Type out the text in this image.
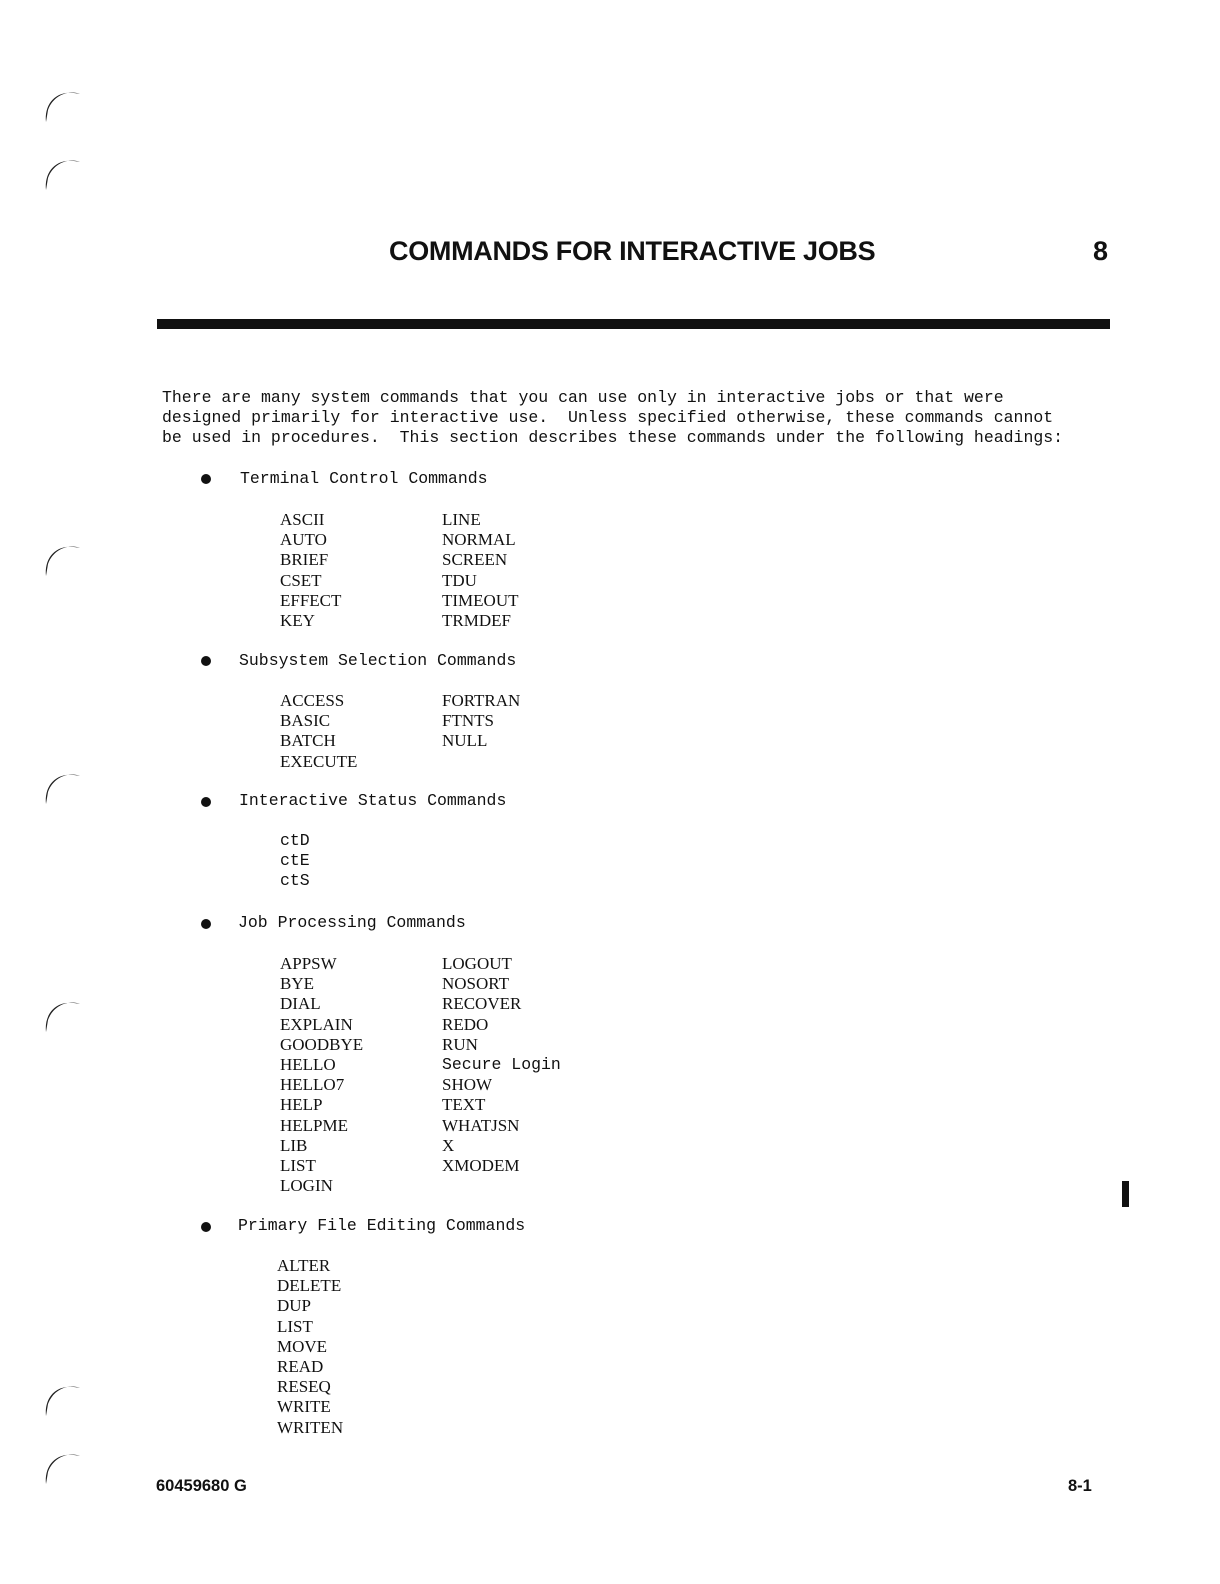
COMMANDS FOR INTERACTIVE JOBS	8
There are many system commands that you can use only in interactive jobs or that were
designed primarily for interactive use.  Unless specified otherwise, these commands cannot
be used in procedures.  This section describes these commands under the following headings:
Terminal Control Commands
ASCII
AUTO
BRIEF
CSET
EFFECT
KEY
LINE
NORMAL
SCREEN
TDU
TIMEOUT
TRMDEF
Subsystem Selection Commands
ACCESS
BASIC
BATCH
EXECUTE
FORTRAN
FTNTS
NULL
Interactive Status Commands
ctD
ctE
ctS
Job Processing Commands
APPSW
BYE
DIAL
EXPLAIN
GOODBYE
HELLO
HELLO7
HELP
HELPME
LIB
LIST
LOGIN
LOGOUT
NOSORT
RECOVER
REDO
RUN
Secure Login
SHOW
TEXT
WHATJSN
X
XMODEM
Primary File Editing Commands
ALTER
DELETE
DUP
LIST
MOVE
READ
RESEQ
WRITE
WRITEN
60459680 G	8-1
